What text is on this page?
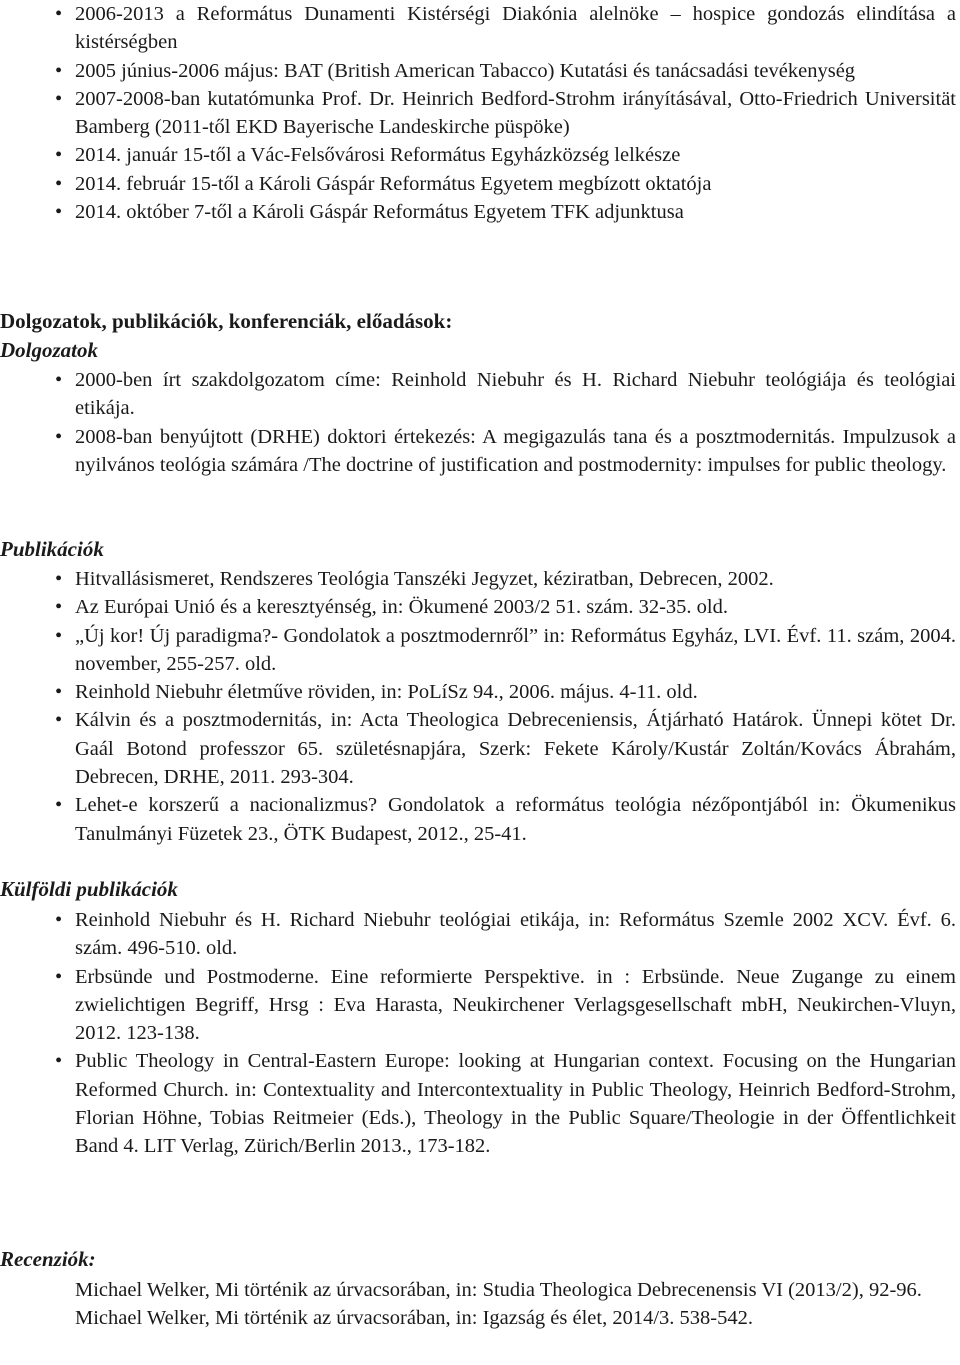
• 2006-2013 a Református Dunamenti Kistérségi Diakónia alelnöke – hospice gondozás elindítása a kistérségben
• 2005 június-2006 május: BAT (British American Tabacco) Kutatási és tanácsadási tevékenység
• 2007-2008-ban kutatómunka Prof. Dr. Heinrich Bedford-Strohm irányításával, Otto-Friedrich Universität Bamberg (2011-től EKD Bayerische Landeskirche püspöke)
• 2014. január 15-től a Vác-Felsővárosi Református Egyházközség lelkésze
• 2014. február 15-től a Károli Gáspár Református Egyetem megbízott oktatója
• 2014. október 7-től a Károli Gáspár Református Egyetem TFK adjunktusa
Dolgozatok, publikációk, konferenciák, előadások:
Dolgozatok
• 2000-ben írt szakdolgozatom címe: Reinhold Niebuhr és H. Richard Niebuhr teológiája és teológiai etikája.
• 2008-ban benyújtott (DRHE) doktori értekezés: A megigazulás tana és a posztmodernitás. Impulzusok a nyilvános teológia számára /The doctrine of justification and postmodernity: impulses for public theology.
Publikációk
• Hitvallásismeret, Rendszeres Teológia Tanszéki Jegyzet, kéziratban, Debrecen, 2002.
• Az Európai Unió és a keresztyénség, in: Ökumené 2003/2 51. szám. 32-35. old.
• „Új kor! Új paradigma?- Gondolatok a posztmodernről” in: Református Egyház, LVI. Évf. 11. szám, 2004. november, 255-257. old.
• Reinhold Niebuhr életműve röviden, in: PoLíSz 94., 2006. május. 4-11. old.
• Kálvin és a posztmodernitás, in: Acta Theologica Debreceniensis, Átjárható Határok. Ünnepi kötet Dr. Gaál Botond professzor 65. születésnapjára, Szerk: Fekete Károly/Kustár Zoltán/Kovács Ábrahám, Debrecen, DRHE, 2011. 293-304.
• Lehet-e korszerű a nacionalizmus? Gondolatok a református teológia nézőpontjából in: Ökumenikus Tanulmányi Füzetek 23., ÖTK Budapest, 2012., 25-41.
Külföldi publikációk
• Reinhold Niebuhr és H. Richard Niebuhr teológiai etikája, in: Református Szemle 2002 XCV. Évf. 6. szám. 496-510. old.
• Erbsünde und Postmoderne. Eine reformierte Perspektive. in : Erbsünde. Neue Zugange zu einem zwielichtigen Begriff, Hrsg : Eva Harasta, Neukirchener Verlagsgesellschaft mbH, Neukirchen-Vluyn, 2012. 123-138.
• Public Theology in Central-Eastern Europe: looking at Hungarian context. Focusing on the Hungarian Reformed Church. in: Contextuality and Intercontextuality in Public Theology, Heinrich Bedford-Strohm, Florian Höhne, Tobias Reitmeier (Eds.), Theology in the Public Square/Theologie in der Öffentlichkeit Band 4. LIT Verlag, Zürich/Berlin 2013., 173-182.
Recenziók:

Michael Welker, Mi történik az úrvacsorában, in: Studia Theologica Debrecenensis VI (2013/2), 92-96.

Michael Welker, Mi történik az úrvacsorában, in: Igazság és élet, 2014/3. 538-542.
